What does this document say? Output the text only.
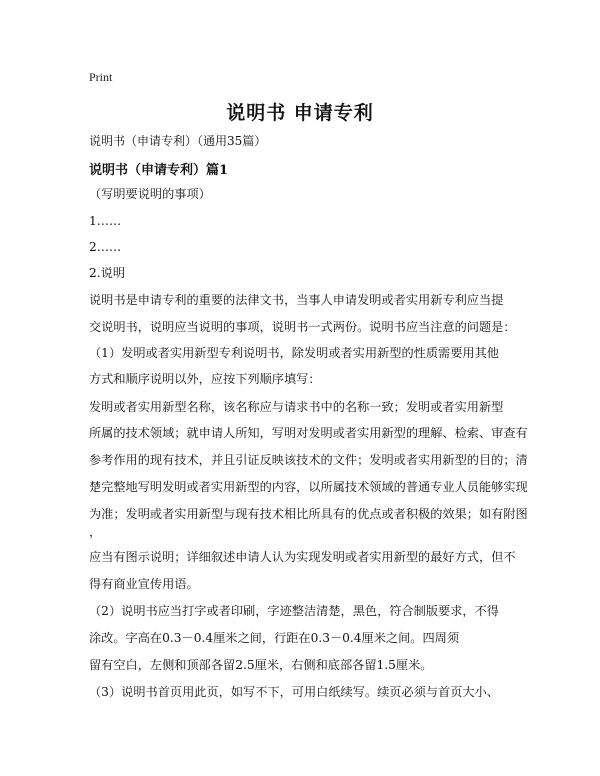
Print
说明书 申请专利
说明书（申请专利）（通用35篇）
说明书（申请专利）篇1
（写明要说明的事项）
1……
2……
2.说明
说明书是申请专利的重要的法律文书，当事人申请发明或者实用新专利应当提
交说明书，说明应当说明的事项，说明书一式两份。说明书应当注意的问题是：
（1）发明或者实用新型专利说明书，除发明或者实用新型的性质需要用其他
方式和顺序说明以外，应按下列顺序填写：
发明或者实用新型名称，该名称应与请求书中的名称一致；发明或者实用新型
所属的技术领域；就申请人所知，写明对发明或者实用新型的理解、检索、审查有
参考作用的现有技术，并且引证反映该技术的文件；发明或者实用新型的目的；清
楚完整地写明发明或者实用新型的内容，以所属技术领域的普通专业人员能够实现
为准；发明或者实用新型与现有技术相比所具有的优点或者积极的效果；如有附图
，
应当有图示说明；详细叙述申请人认为实现发明或者实用新型的最好方式，但不
得有商业宣传用语。
（2）说明书应当打字或者印刷，字迹整洁清楚，黑色，符合制版要求，不得
涂改。字高在0.3－0.4厘米之间，行距在0.3－0.4厘米之间。四周须
留有空白，左侧和顶部各留2.5厘米，右侧和底部各留1.5厘米。
（3）说明书首页用此页，如写不下，可用白纸续写。续页必须与首页大小、
